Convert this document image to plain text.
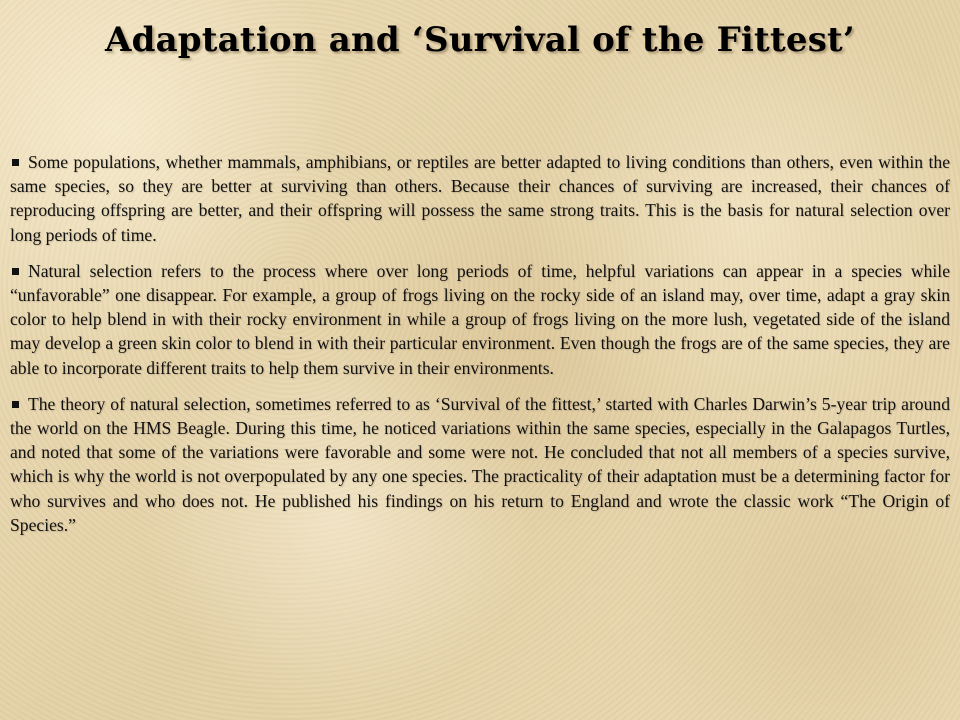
Adaptation and ‘Survival of the Fittest’

Some populations, whether mammals, amphibians, or reptiles are better adapted to living conditions than others, even within the same species, so they are better at surviving than others. Because their chances of surviving are increased, their chances of reproducing offspring are better, and their offspring will possess the same strong traits. This is the basis for natural selection over long periods of time.

Natural selection refers to the process where over long periods of time, helpful variations can appear in a species while “unfavorable” one disappear. For example, a group of frogs living on the rocky side of an island may, over time, adapt a gray skin color to help blend in with their rocky environment in while a group of frogs living on the more lush, vegetated side of the island may develop a green skin color to blend in with their particular environment. Even though the frogs are of the same species, they are able to incorporate different traits to help them survive in their environments.

The theory of natural selection, sometimes referred to as ‘Survival of the fittest,’ started with Charles Darwin’s 5-year trip around the world on the HMS Beagle. During this time, he noticed variations within the same species, especially in the Galapagos Turtles, and noted that some of the variations were favorable and some were not. He concluded that not all members of a species survive, which is why the world is not overpopulated by any one species. The practicality of their adaptation must be a determining factor for who survives and who does not. He published his findings on his return to England and wrote the classic work “The Origin of Species.”
